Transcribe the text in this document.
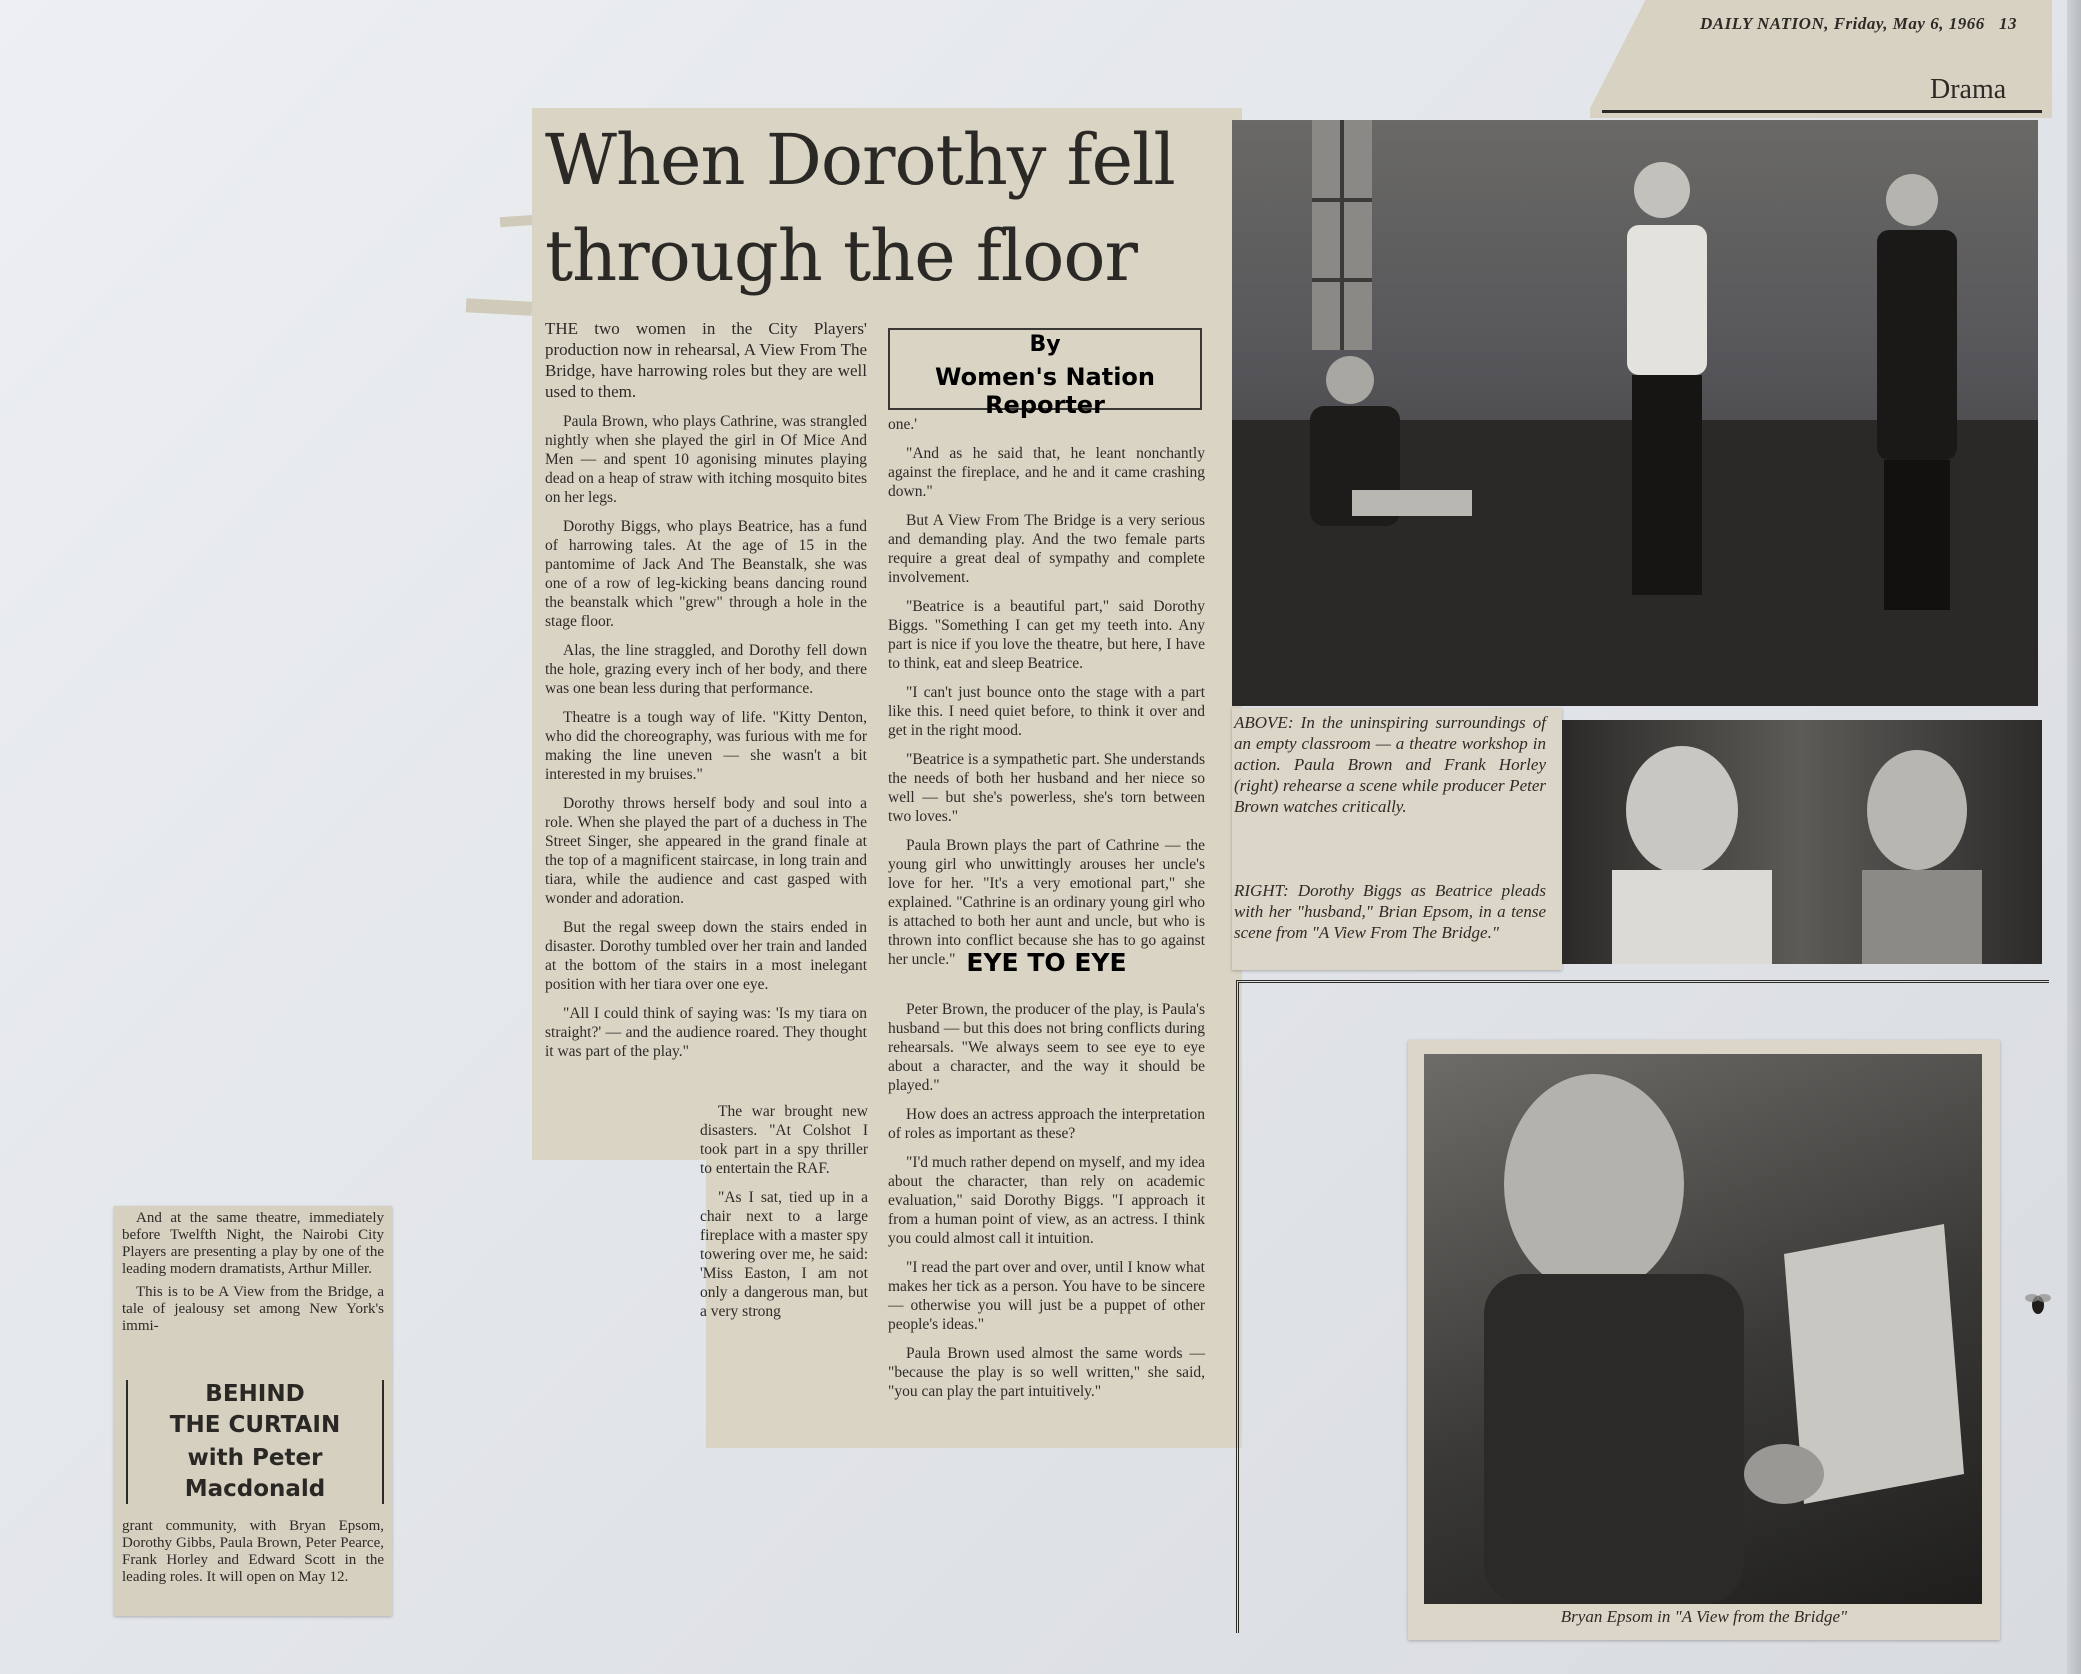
DAILY NATION, Friday, May 6, 1966 13
Drama
When Dorothy fell
through the floor

THE two women in the City Players' production now in rehearsal, A View From The Bridge, have harrowing roles but they are well used to them.

Paula Brown, who plays Cathrine, was strangled nightly when she played the girl in Of Mice And Men — and spent 10 agonising minutes playing dead on a heap of straw with itching mosquito bites on her legs.

Dorothy Biggs, who plays Beatrice, has a fund of harrowing tales. At the age of 15 in the pantomime of Jack And The Beanstalk, she was one of a row of leg-kicking beans dancing round the beanstalk which "grew" through a hole in the stage floor.

Alas, the line straggled, and Dorothy fell down the hole, grazing every inch of her body, and there was one bean less during that performance.

Theatre is a tough way of life. "Kitty Denton, who did the choreography, was furious with me for making the line uneven — she wasn't a bit interested in my bruises."

Dorothy throws herself body and soul into a role. When she played the part of a duchess in The Street Singer, she appeared in the grand finale at the top of a magnificent staircase, in long train and tiara, while the audience and cast gasped with wonder and adoration.

But the regal sweep down the stairs ended in disaster. Dorothy tumbled over her train and landed at the bottom of the stairs in a most inelegant position with her tiara over one eye.

"All I could think of saying was: 'Is my tiara on straight?' — and the audience roared. They thought it was part of the play."

The war brought new disasters. "At Colshot I took part in a spy thriller to entertain the RAF.

"As I sat, tied up in a chair next to a large fireplace with a master spy towering over me, he said: 'Miss Easton, I am not only a dangerous man, but a very strong

By
Women's Nation Reporter

one.'

"And as he said that, he leant nonchantly against the fireplace, and he and it came crashing down."

But A View From The Bridge is a very serious and demanding play. And the two female parts require a great deal of sympathy and complete involvement.

"Beatrice is a beautiful part," said Dorothy Biggs. "Something I can get my teeth into. Any part is nice if you love the theatre, but here, I have to think, eat and sleep Beatrice.

"I can't just bounce onto the stage with a part like this. I need quiet before, to think it over and get in the right mood.

"Beatrice is a sympathetic part. She understands the needs of both her husband and her niece so well — but she's powerless, she's torn between two loves."

Paula Brown plays the part of Cathrine — the young girl who unwittingly arouses her uncle's love for her. "It's a very emotional part," she explained. "Cathrine is an ordinary young girl who is attached to both her aunt and uncle, but who is thrown into conflict because she has to go against her uncle." EYE TO EYE

Peter Brown, the producer of the play, is Paula's husband — but this does not bring conflicts during rehearsals. "We always seem to see eye to eye about a character, and the way it should be played."

How does an actress approach the interpretation of roles as important as these?

"I'd much rather depend on myself, and my idea about the character, than rely on academic evaluation," said Dorothy Biggs. "I approach it from a human point of view, as an actress. I think you could almost call it intuition.

"I read the part over and over, until I know what makes her tick as a person. You have to be sincere — otherwise you will just be a puppet of other people's ideas."

Paula Brown used almost the same words — "because the play is so well written," she said, "you can play the part intuitively."

ABOVE: In the uninspiring surroundings of an empty classroom — a theatre workshop in action. Paula Brown and Frank Horley (right) rehearse a scene while producer Peter Brown watches critically.
RIGHT: Dorothy Biggs as Beatrice pleads with her "husband," Brian Epsom, in a tense scene from "A View From The Bridge."
Bryan Epsom in "A View from the Bridge"

And at the same theatre, immediately before Twelfth Night, the Nairobi City Players are presenting a play by one of the leading modern dramatists, Arthur Miller.

This is to be A View from the Bridge, a tale of jealousy set among New York's immi-

BEHIND
THE CURTAIN
with Peter
Macdonald
grant community, with Bryan Epsom, Dorothy Gibbs, Paula Brown, Peter Pearce, Frank Horley and Edward Scott in the leading roles. It will open on May 12.
